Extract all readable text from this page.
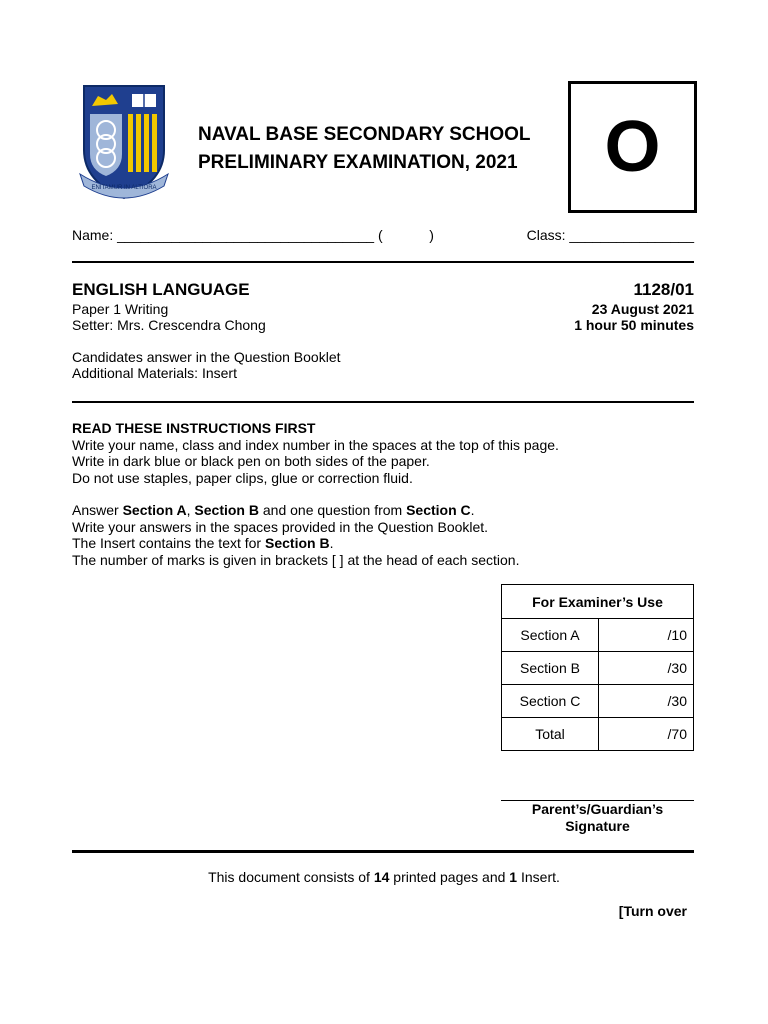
ENITAMUR IN ALTIORA
NAVAL BASE SECONDARY SCHOOL
PRELIMINARY EXAMINATION, 2021 O
Name: _________________________________ (            )	Class: ________________
ENGLISH LANGUAGE	1128/01
Paper 1 Writing
Setter: Mrs. Crescendra Chong
23 August 2021
1 hour 50 minutes
Candidates answer in the Question Booklet
Additional Materials: Insert

READ THESE INSTRUCTIONS FIRST

Write your name, class and index number in the spaces at the top of this page.

Write in dark blue or black pen on both sides of the paper.

Do not use staples, paper clips, glue or correction fluid.

Answer Section A, Section B and one question from Section C.

Write your answers in the spaces provided in the Question Booklet.

The Insert contains the text for Section B.

The number of marks is given in brackets [ ] at the head of each section.

For Examiner’s Use	
Section A	/10
Section B	/30
Section C	/30
Total	/70
Parent’s/Guardian’s
Signature
This document consists of 14 printed pages and 1 Insert.
[Turn over
